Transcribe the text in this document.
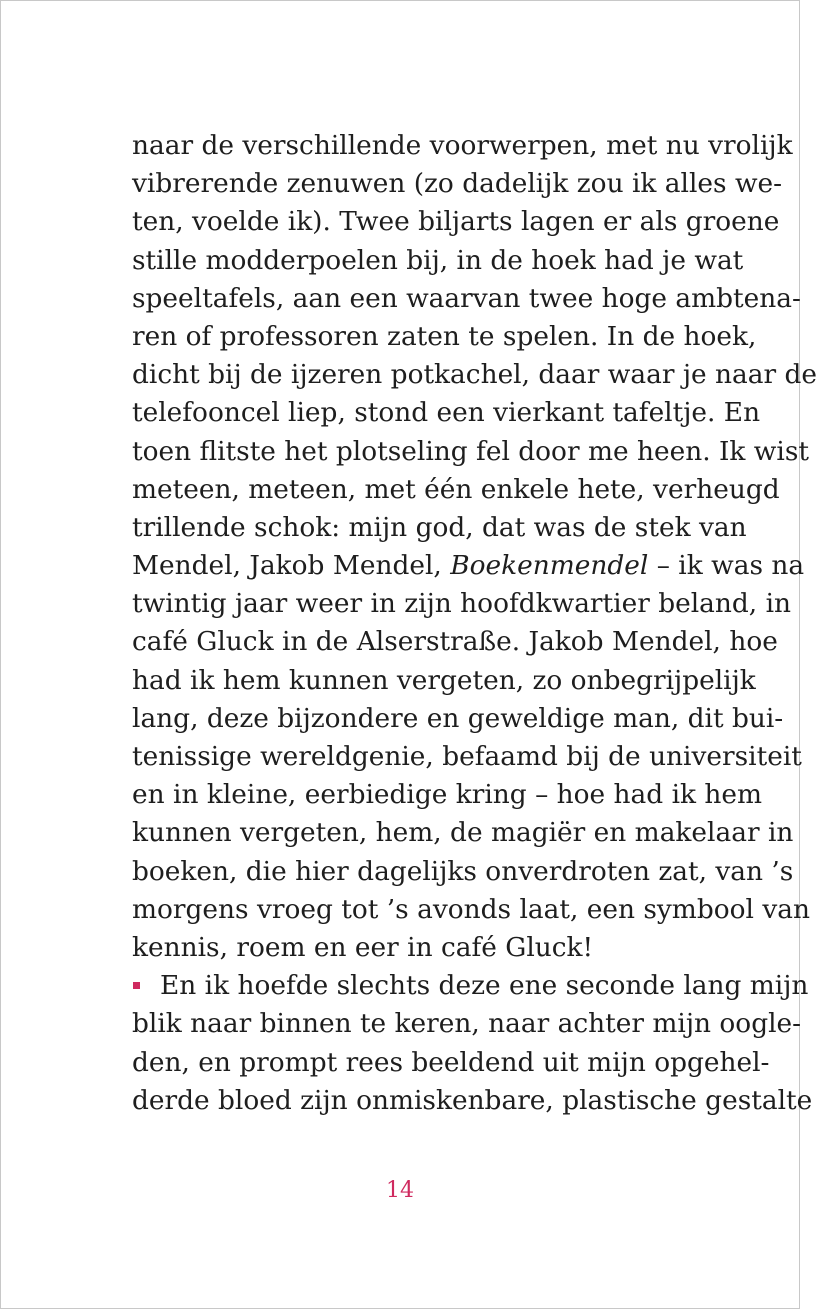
naar de verschillende voorwerpen, met nu vrolijk
vibrerende zenuwen (zo dadelijk zou ik alles we-
ten, voelde ik). Twee biljarts lagen er als groene
stille modderpoelen bij, in de hoek had je wat
speeltafels, aan een waarvan twee hoge ambtena-
ren of professoren zaten te spelen. In de hoek,
dicht bij de ijzeren potkachel, daar waar je naar de
telefooncel liep, stond een vierkant tafeltje. En
toen flitste het plotseling fel door me heen. Ik wist
meteen, meteen, met één enkele hete, verheugd
trillende schok: mijn god, dat was de stek van
Mendel, Jakob Mendel, Boekenmendel – ik was na
twintig jaar weer in zijn hoofdkwartier beland, in
café Gluck in de Alserstraße. Jakob Mendel, hoe
had ik hem kunnen vergeten, zo onbegrijpelijk
lang, deze bijzondere en geweldige man, dit bui-
tenissige wereldgenie, befaamd bij de universiteit
en in kleine, eerbiedige kring – hoe had ik hem
kunnen vergeten, hem, de magiër en makelaar in
boeken, die hier dagelijks onverdroten zat, van ’s
morgens vroeg tot ’s avonds laat, een symbool van
kennis, roem en eer in café Gluck!
En ik hoefde slechts deze ene seconde lang mijn
blik naar binnen te keren, naar achter mijn oogle-
den, en prompt rees beeldend uit mijn opgehel-
derde bloed zijn onmiskenbare, plastische gestalte
14
